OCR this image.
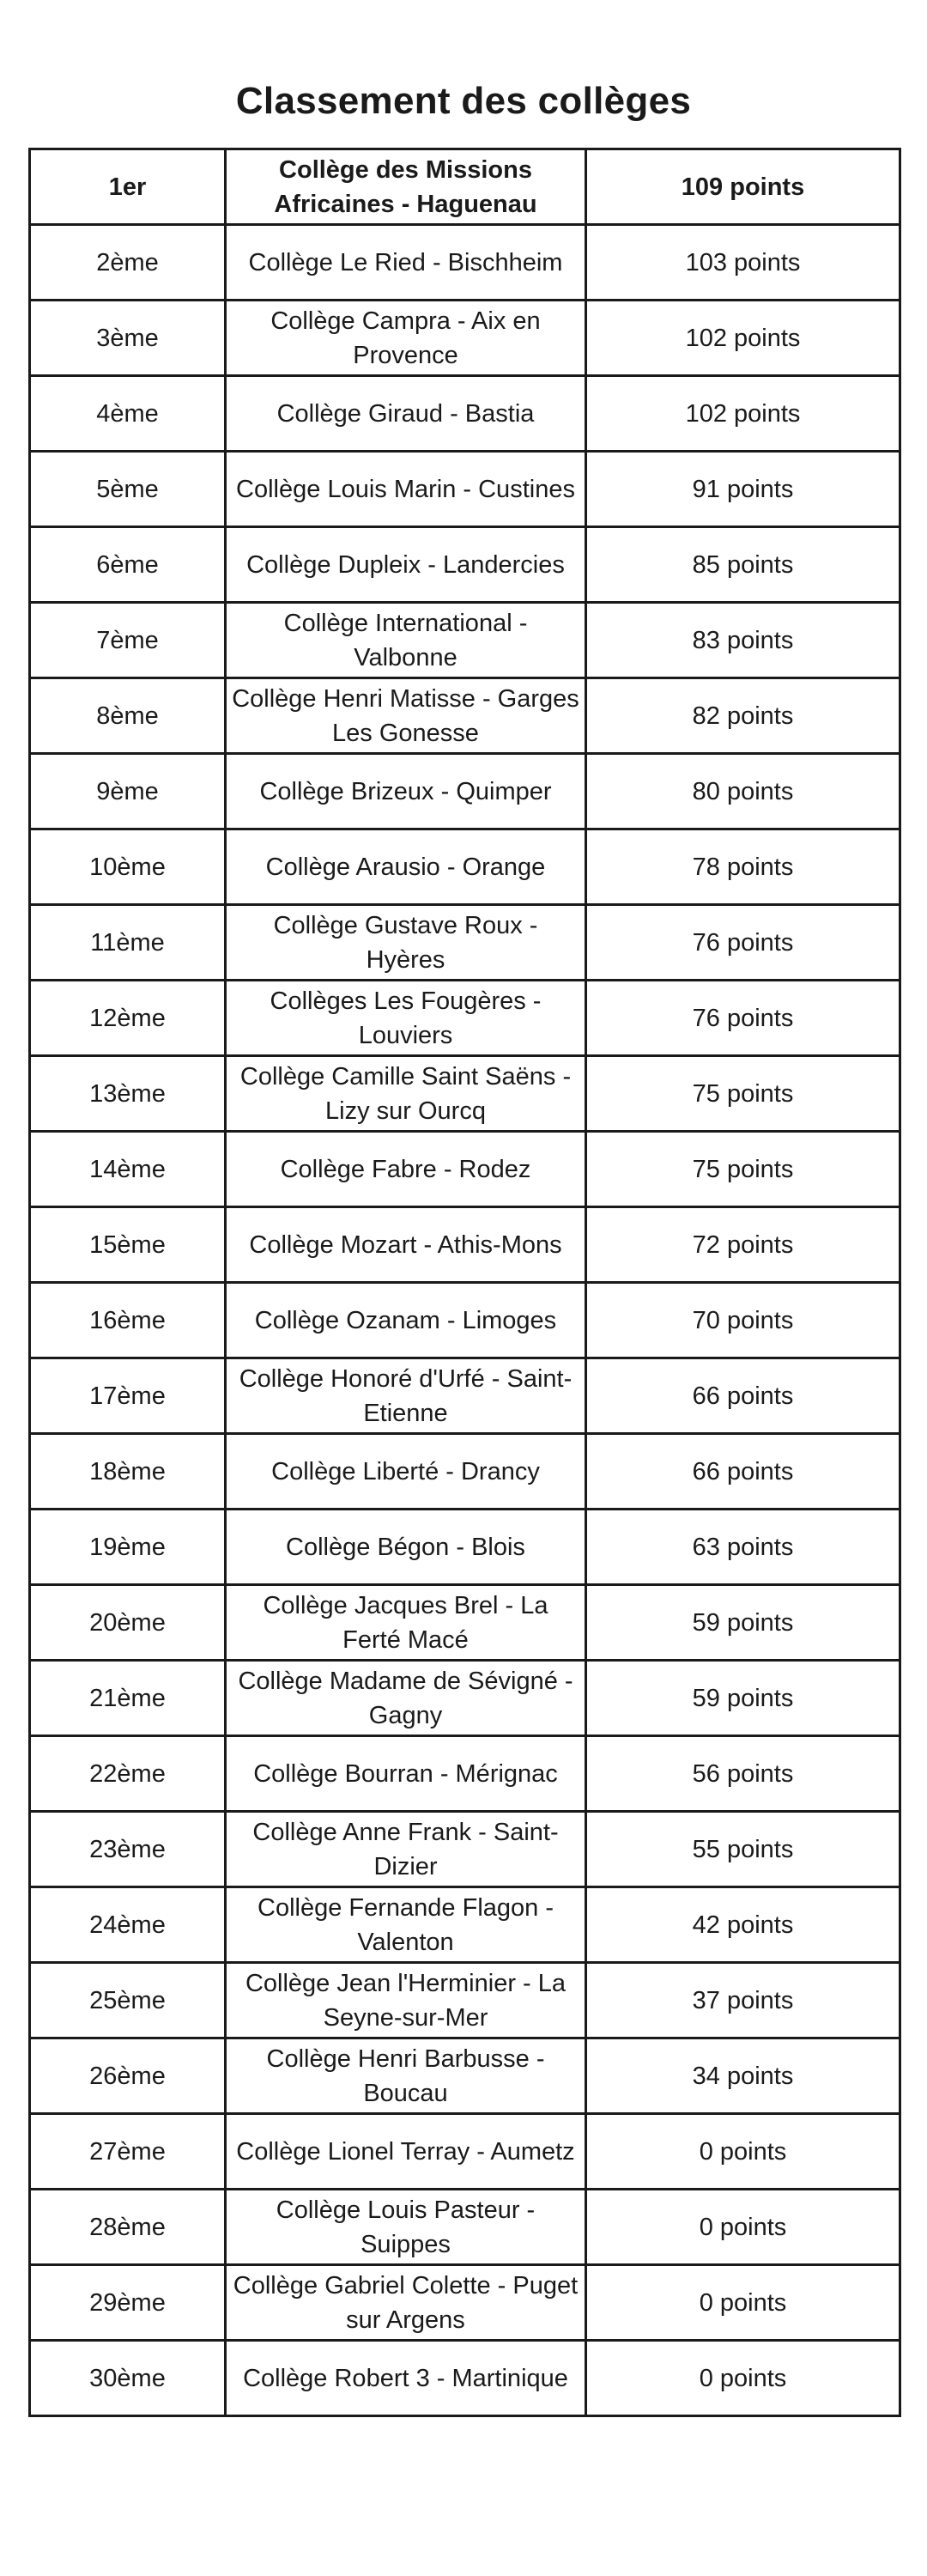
Classement des collèges
1er	Collège des Missions Africaines - Haguenau	109 points
2ème	Collège Le Ried - Bischheim	103 points
3ème	Collège Campra - Aix en Provence	102 points
4ème	Collège Giraud - Bastia	102 points
5ème	Collège Louis Marin - Custines	91 points
6ème	Collège Dupleix - Landercies	85 points
7ème	Collège International - Valbonne	83 points
8ème	Collège Henri Matisse - Garges Les Gonesse	82 points
9ème	Collège Brizeux - Quimper	80 points
10ème	Collège Arausio - Orange	78 points
11ème	Collège Gustave Roux - Hyères	76 points
12ème	Collèges Les Fougères - Louviers	76 points
13ème	Collège Camille Saint Saëns - Lizy sur Ourcq	75 points
14ème	Collège Fabre - Rodez	75 points
15ème	Collège Mozart - Athis-Mons	72 points
16ème	Collège Ozanam - Limoges	70 points
17ème	Collège Honoré d'Urfé - Saint-Etienne	66 points
18ème	Collège Liberté - Drancy	66 points
19ème	Collège Bégon - Blois	63 points
20ème	Collège Jacques Brel - La Ferté Macé	59 points
21ème	Collège Madame de Sévigné - Gagny	59 points
22ème	Collège Bourran - Mérignac	56 points
23ème	Collège Anne Frank - Saint-Dizier	55 points
24ème	Collège Fernande Flagon - Valenton	42 points
25ème	Collège Jean l'Herminier - La Seyne-sur-Mer	37 points
26ème	Collège Henri Barbusse - Boucau	34 points
27ème	Collège Lionel Terray - Aumetz	0 points
28ème	Collège Louis Pasteur - Suippes	0 points
29ème	Collège Gabriel Colette - Puget sur Argens	0 points
30ème	Collège Robert 3 - Martinique	0 points
